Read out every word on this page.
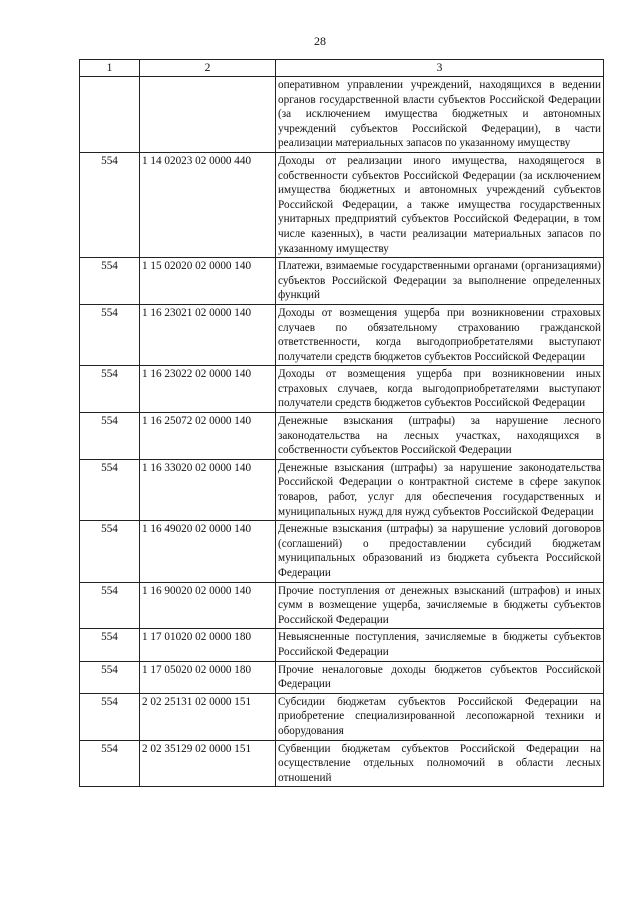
28
1	2	3
		оперативном управлении учреждений, находящихся в ведении органов государственной власти субъектов Российской Федерации (за исключением имущества бюджетных и автономных учреждений субъектов Российской Федерации), в части реализации материальных запасов по указанному имуществу
554	1 14 02023 02 0000 440	Доходы от реализации иного имущества, находящегося в собственности субъектов Российской Федерации (за исключением имущества бюджетных и автономных учреждений субъектов Российской Федерации, а также имущества государственных унитарных предприятий субъектов Российской Федерации, в том числе казенных), в части реализации материальных запасов по указанному имуществу
554	1 15 02020 02 0000 140	Платежи, взимаемые государственными органами (организациями) субъектов Российской Федерации за выполнение определенных функций
554	1 16 23021 02 0000 140	Доходы от возмещения ущерба при возникновении страховых случаев по обязательному страхованию гражданской ответственности, когда выгодоприобретателями выступают получатели средств бюджетов субъектов Российской Федерации
554	1 16 23022 02 0000 140	Доходы от возмещения ущерба при возникновении иных страховых случаев, когда выгодоприобретателями выступают получатели средств бюджетов субъектов Российской Федерации
554	1 16 25072 02 0000 140	Денежные взыскания (штрафы) за нарушение лесного законодательства на лесных участках, находящихся в собственности субъектов Российской Федерации
554	1 16 33020 02 0000 140	Денежные взыскания (штрафы) за нарушение законодательства Российской Федерации о контрактной системе в сфере закупок товаров, работ, услуг для обеспечения государственных и муниципальных нужд для нужд субъектов Российской Федерации
554	1 16 49020 02 0000 140	Денежные взыскания (штрафы) за нарушение условий договоров (соглашений) о предоставлении субсидий бюджетам муниципальных образований из бюджета субъекта Российской Федерации
554	1 16 90020 02 0000 140	Прочие поступления от денежных взысканий (штрафов) и иных сумм в возмещение ущерба, зачисляемые в бюджеты субъектов Российской Федерации
554	1 17 01020 02 0000 180	Невыясненные поступления, зачисляемые в бюджеты субъектов Российской Федерации
554	1 17 05020 02 0000 180	Прочие неналоговые доходы бюджетов субъектов Российской Федерации
554	2 02 25131 02 0000 151	Субсидии бюджетам субъектов Российской Федерации на приобретение специализированной лесопожарной техники и оборудования
554	2 02 35129 02 0000 151	Субвенции бюджетам субъектов Российской Федерации на осуществление отдельных полномочий в области лесных отношений
